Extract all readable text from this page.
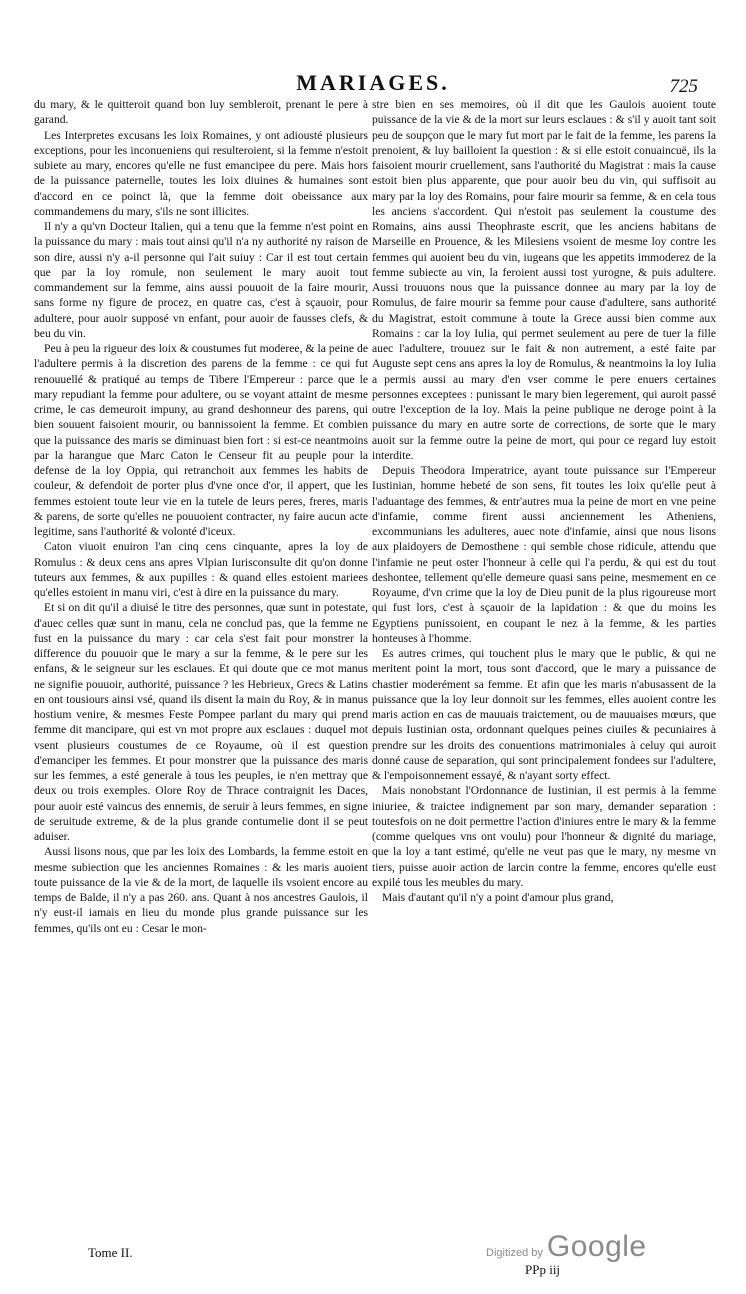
MARIAGES.	725

du mary, & le quitteroit quand bon luy sembleroit, prenant le pere à garand.

Les Interpretes excusans les loix Romaines, y ont adiousté plusieurs exceptions, pour les inconueniens qui resulteroient, si la femme n'estoit subiete au mary, encores qu'elle ne fust emancipee du pere. Mais hors de la puissance paternelle, toutes les loix diuines & humaines sont d'accord en ce poinct là, que la femme doit obeissance aux commandemens du mary, s'ils ne sont illicites.

Il n'y a qu'vn Docteur Italien, qui a tenu que la femme n'est point en la puissance du mary : mais tout ainsi qu'il n'a ny authorité ny raison de son dire, aussi n'y a-il personne qui l'ait suiuy : Car il est tout certain que par la loy romule, non seulement le mary auoit tout commandement sur la femme, ains aussi pouuoit de la faire mourir, sans forme ny figure de procez, en quatre cas, c'est à sçauoir, pour adultere, pour auoir supposé vn enfant, pour auoir de fausses clefs, & beu du vin.

Peu à peu la rigueur des loix & coustumes fut moderee, & la peine de l'adultere permis à la discretion des parens de la femme : ce qui fut renouuellé & pratiqué au temps de Tibere l'Empereur : parce que le mary repudiant la femme pour adultere, ou se voyant attaint de mesme crime, le cas demeuroit impuny, au grand deshonneur des parens, qui bien souuent faisoient mourir, ou bannissoient la femme. Et combien que la puissance des maris se diminuast bien fort : si est-ce neantmoins par la harangue que Marc Caton le Censeur fit au peuple pour la defense de la loy Oppia, qui retranchoit aux femmes les habits de couleur, & defendoit de porter plus d'vne once d'or, il appert, que les femmes estoient toute leur vie en la tutele de leurs peres, freres, maris & parens, de sorte qu'elles ne pouuoient contracter, ny faire aucun acte legitime, sans l'authorité & volonté d'iceux.

Caton viuoit enuiron l'an cinq cens cinquante, apres la loy de Romulus : & deux cens ans apres Vlpian Iurisconsulte dit qu'on donne tuteurs aux femmes, & aux pupilles : & quand elles estoient mariees qu'elles estoient in manu viri, c'est à dire en la puissance du mary.

Et si on dit qu'il a diuisé le titre des personnes, quæ sunt in potestate, d'auec celles quæ sunt in manu, cela ne conclud pas, que la femme ne fust en la puissance du mary : car cela s'est fait pour monstrer la difference du pouuoir que le mary a sur la femme, & le pere sur les enfans, & le seigneur sur les esclaues. Et qui doute que ce mot manus ne signifie pouuoir, authorité, puissance ? les Hebrieux, Grecs & Latins en ont tousiours ainsi vsé, quand ils disent la main du Roy, & in manus hostium venire, & mesmes Feste Pompee parlant du mary qui prend femme dit mancipare, qui est vn mot propre aux esclaues : duquel mot vsent plusieurs coustumes de ce Royaume, où il est question d'emanciper les femmes. Et pour monstrer que la puissance des maris sur les femmes, a esté generale à tous les peuples, ie n'en mettray que deux ou trois exemples. Olore Roy de Thrace contraignit les Daces, pour auoir esté vaincus des ennemis, de seruir à leurs femmes, en signe de seruitude extreme, & de la plus grande contumelie dont il se peut aduiser.

Aussi lisons nous, que par les loix des Lombards, la femme estoit en mesme subiection que les anciennes Romaines : & les maris auoient toute puissance de la vie & de la mort, de laquelle ils vsoient encore au temps de Balde, il n'y a pas 260. ans. Quant à nos ancestres Gaulois, il n'y eust-il iamais en lieu du monde plus grande puissance sur les femmes, qu'ils ont eu : Cesar le mon-

stre bien en ses memoires, où il dit que les Gaulois auoient toute puissance de la vie & de la mort sur leurs esclaues : & s'il y auoit tant soit peu de soupçon que le mary fut mort par le fait de la femme, les parens la prenoient, & luy bailloient la question : & si elle estoit conuaincuë, ils la faisoient mourir cruellement, sans l'authorité du Magistrat : mais la cause estoit bien plus apparente, que pour auoir beu du vin, qui suffisoit au mary par la loy des Romains, pour faire mourir sa femme, & en cela tous les anciens s'accordent. Qui n'estoit pas seulement la coustume des Romains, ains aussi Theophraste escrit, que les anciens habitans de Marseille en Prouence, & les Milesiens vsoient de mesme loy contre les femmes qui auoient beu du vin, iugeans que les appetits immoderez de la femme subiecte au vin, la feroient aussi tost yurogne, & puis adultere. Aussi trouuons nous que la puissance donnee au mary par la loy de Romulus, de faire mourir sa femme pour cause d'adultere, sans authorité du Magistrat, estoit commune à toute la Grece aussi bien comme aux Romains : car la loy Iulia, qui permet seulement au pere de tuer la fille auec l'adultere, trouuez sur le fait & non autrement, a esté faite par Auguste sept cens ans apres la loy de Romulus, & neantmoins la loy Iulia a permis aussi au mary d'en vser comme le pere enuers certaines personnes exceptees : punissant le mary bien legerement, qui auroit passé outre l'exception de la loy. Mais la peine publique ne deroge point à la puissance du mary en autre sorte de corrections, de sorte que le mary auoit sur la femme outre la peine de mort, qui pour ce regard luy estoit interdite.

Depuis Theodora Imperatrice, ayant toute puissance sur l'Empereur Iustinian, homme hebeté de son sens, fit toutes les loix qu'elle peut à l'aduantage des femmes, & entr'autres mua la peine de mort en vne peine d'infamie, comme firent aussi anciennement les Atheniens, excommunians les adulteres, auec note d'infamie, ainsi que nous lisons aux plaidoyers de Demosthene : qui semble chose ridicule, attendu que l'infamie ne peut oster l'honneur à celle qui l'a perdu, & qui est du tout deshontee, tellement qu'elle demeure quasi sans peine, mesmement en ce Royaume, d'vn crime que la loy de Dieu punit de la plus rigoureuse mort qui fust lors, c'est à sçauoir de la lapidation : & que du moins les Egyptiens punissoient, en coupant le nez à la femme, & les parties honteuses à l'homme.

Es autres crimes, qui touchent plus le mary que le public, & qui ne meritent point la mort, tous sont d'accord, que le mary a puissance de chastier moderément sa femme. Et afin que les maris n'abusassent de la puissance que la loy leur donnoit sur les femmes, elles auoient contre les maris action en cas de mauuais traictement, ou de mauuaises mœurs, que depuis Iustinian osta, ordonnant quelques peines ciuiles & pecuniaires à prendre sur les droits des conuentions matrimoniales à celuy qui auroit donné cause de separation, qui sont principalement fondees sur l'adultere, & l'empoisonnement essayé, & n'ayant sorty effect.

Mais nonobstant l'Ordonnance de Iustinian, il est permis à la femme iniuriee, & traictee indignement par son mary, demander separation : toutesfois on ne doit permettre l'action d'iniures entre le mary & la femme (comme quelques vns ont voulu) pour l'honneur & dignité du mariage, que la loy a tant estimé, qu'elle ne veut pas que le mary, ny mesme vn tiers, puisse auoir action de larcin contre la femme, encores qu'elle eust expilé tous les meubles du mary.

Mais d'autant qu'il n'y a point d'amour plus grand,

Tome II.
PPp iij
Digitized by Google
